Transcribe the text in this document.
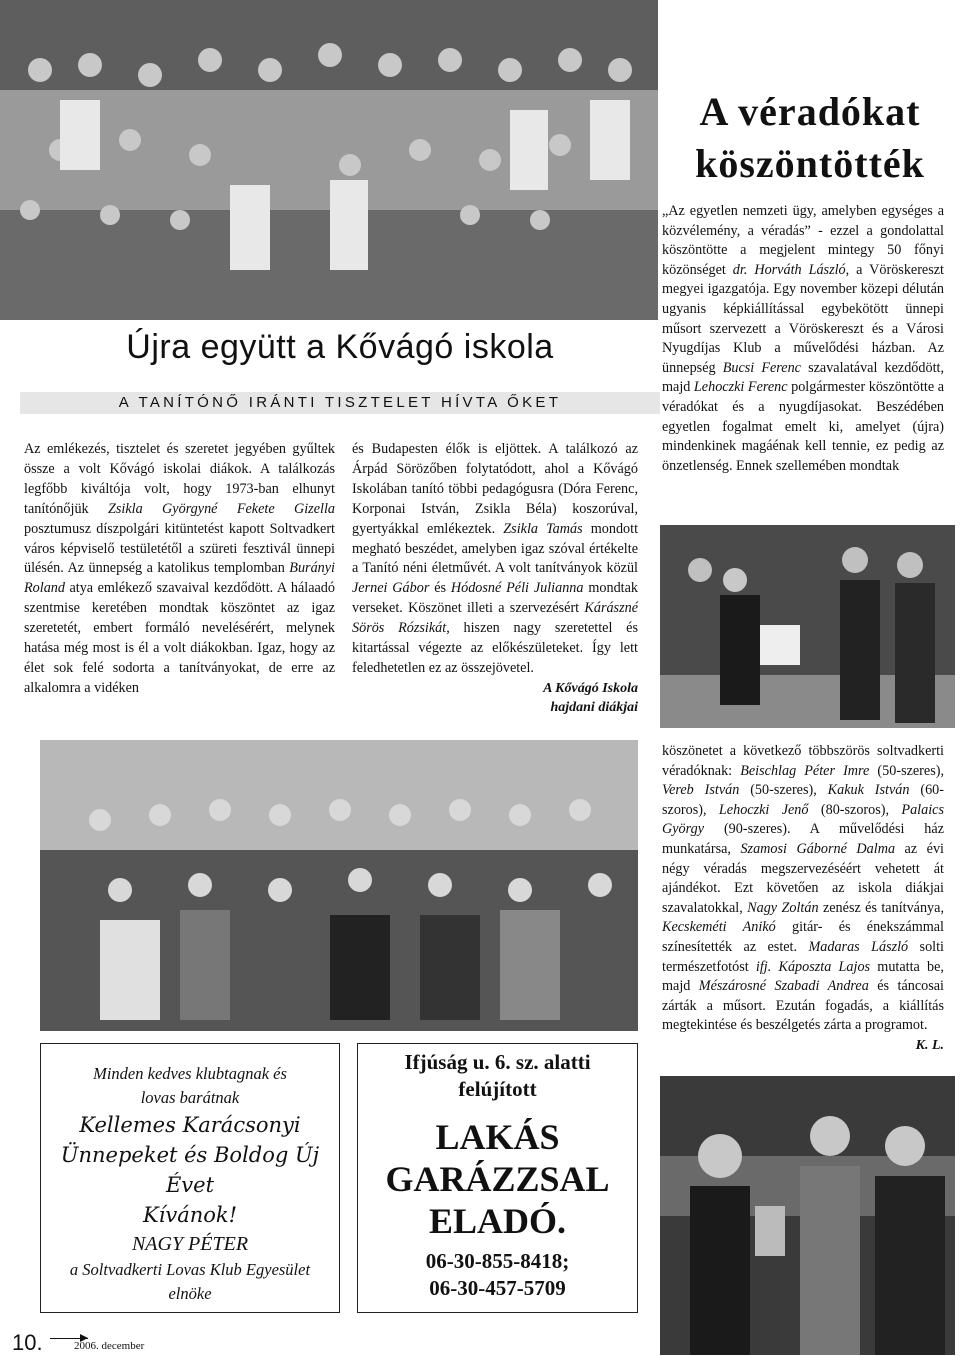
Újra együtt a Kővágó iskola
A TANÍTÓNŐ IRÁNTI TISZTELET HÍVTA ŐKET

Az emlékezés, tisztelet és szeretet jegyében gyűltek össze a volt Kővágó iskolai diákok. A találkozás legfőbb kiváltója volt, hogy 1973-ban elhunyt tanítónőjük Zsikla Györgyné Fekete Gizella posztumusz díszpolgári kitüntetést kapott Soltvadkert város képviselő testületétől a szüreti fesztivál ünnepi ülésén. Az ünnepség a katolikus templomban Burányi Roland atya emlékező szavaival kezdődött. A hálaadó szentmise keretében mondtak köszöntet az igaz szeretetét, embert formáló nevelésérért, melynek hatása még most is él a volt diákokban. Igaz, hogy az élet sok felé sodorta a tanítványokat, de erre az alkalomra a vidéken

és Budapesten élők is eljöttek. A találkozó az Árpád Sörözőben folytatódott, ahol a Kővágó Iskolában tanító többi pedagógusra (Dóra Ferenc, Korponai István, Zsikla Béla) koszorúval, gyertyákkal emlékeztek. Zsikla Tamás mondott megható beszédet, amelyben igaz szóval értékelte a Tanító néni életművét. A volt tanítványok közül Jernei Gábor és Hódosné Péli Julianna mondtak verseket. Köszönet illeti a szervezésért Kárászné Sörös Rózsikát, hiszen nagy szeretettel és kitartással végezte az előkészületeket. Így lett feledhetetlen ez az összejövetel.

A Kővágó Iskola
hajdani diákjai
A véradókat
köszöntötték

„Az egyetlen nemzeti ügy, amelyben egységes a közvélemény, a véradás” - ezzel a gondolattal köszöntötte a megjelent mintegy 50 főnyi közönséget dr. Horváth László, a Vöröskereszt megyei igazgatója. Egy november közepi délután ugyanis képkiállítással egybekötött ünnepi műsort szervezett a Vöröskereszt és a Városi Nyugdíjas Klub a művelődési házban. Az ünnepség Bucsi Ferenc szavalatával kezdődött, majd Lehoczki Ferenc polgármester köszöntötte a véradókat és a nyugdíjasokat. Beszédében egyetlen fogalmat emelt ki, amelyet (újra) mindenkinek magáénak kell tennie, ez pedig az önzetlenség. Ennek szellemében mondtak

köszönetet a következő többszörös soltvadkerti véradóknak: Beischlag Péter Imre (50-szeres), Vereb István (50-szeres), Kakuk István (60-szoros), Lehoczki Jenő (80-szoros), Palaics György (90-szeres). A művelődési ház munkatársa, Szamosi Gáborné Dalma az évi négy véradás megszervezéséért vehetett át ajándékot. Ezt követően az iskola diákjai szavalatokkal, Nagy Zoltán zenész és tanítványa, Kecskeméti Anikó gitár- és énekszámmal színesítették az estet. Madaras László solti természetfotóst ifj. Káposzta Lajos mutatta be, majd Mészárosné Szabadi Andrea és táncosai zárták a műsort. Ezután fogadás, a kiállítás megtekintése és beszélgetés zárta a programot.

K. L.
Minden kedves klubtagnak és
lovas barátnak
Kellemes Karácsonyi
Ünnepeket és Boldog Új Évet
Kívánok!
NAGY PÉTER
a Soltvadkerti Lovas Klub Egyesület
elnöke
Ifjúság u. 6. sz. alatti
felújított
LAKÁS
GARÁZZSAL
ELADÓ.
06-30-855-8418;
06-30-457-5709
10.	2006. december
